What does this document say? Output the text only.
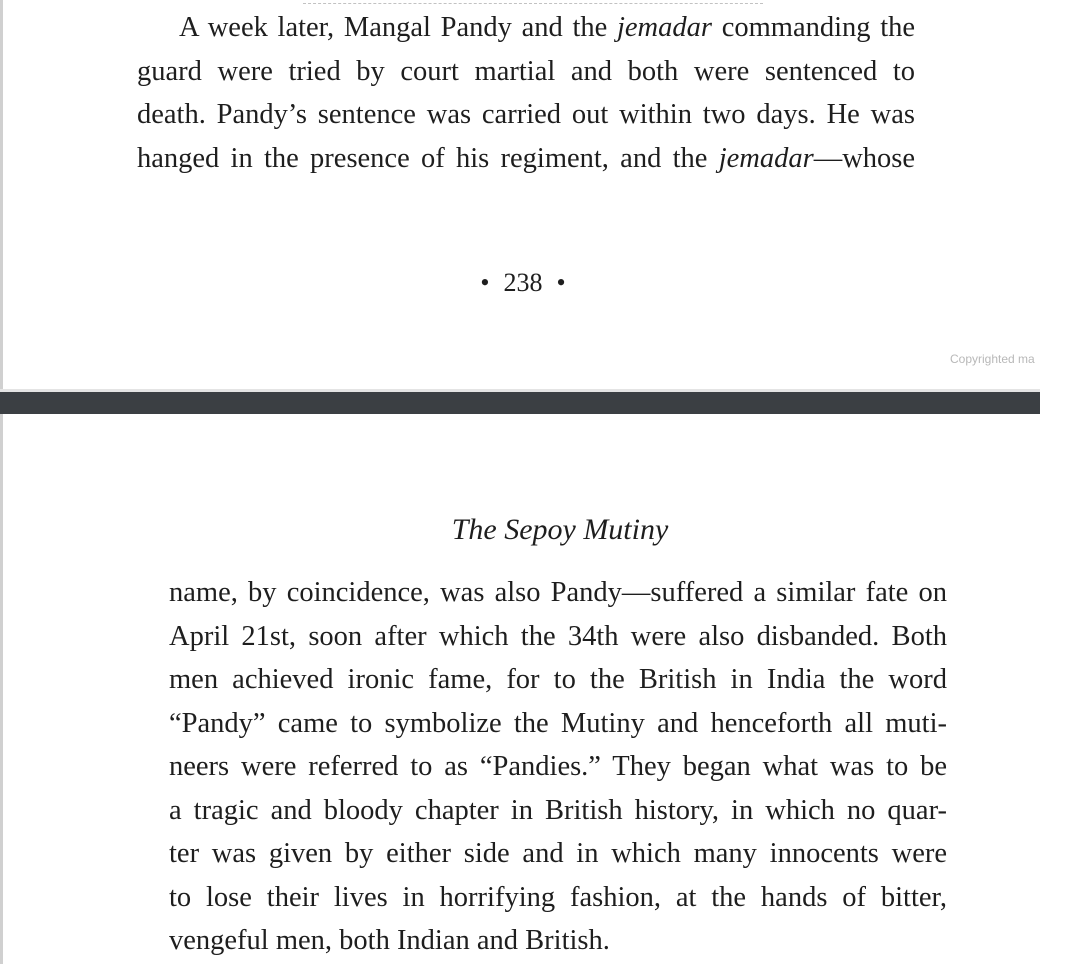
A week later, Mangal Pandy and the jemadar commanding the
guard were tried by court martial and both were sentenced to
death. Pandy’s sentence was carried out within two days. He was
hanged in the presence of his regiment, and the jemadar—whose
• 238 •
Copyrighted ma
The Sepoy Mutiny
name, by coincidence, was also Pandy—suffered a similar fate on
April 21st, soon after which the 34th were also disbanded. Both
men achieved ironic fame, for to the British in India the word
“Pandy” came to symbolize the Mutiny and henceforth all muti-
neers were referred to as “Pandies.” They began what was to be
a tragic and bloody chapter in British history, in which no quar-
ter was given by either side and in which many innocents were
to lose their lives in horrifying fashion, at the hands of bitter,
vengeful men, both Indian and British.
